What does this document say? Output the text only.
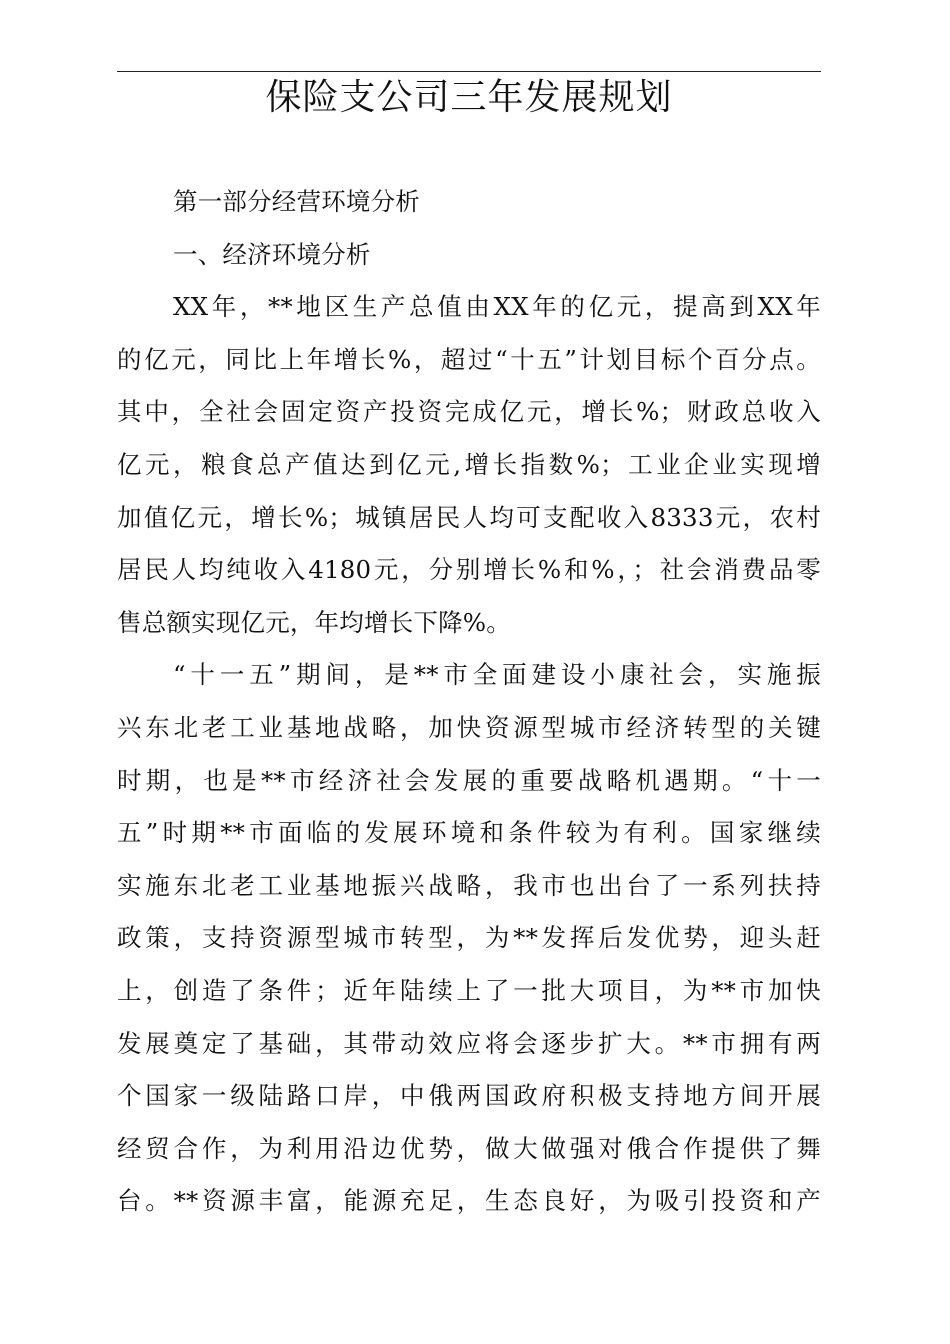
保险支公司三年发展规划
第一部分经营环境分析
一、经济环境分析
XX年，**地区生产总值由XX年的亿元，提高到XX年
的亿元，同比上年增长%，超过“十五”计划目标个百分点。
其中，全社会固定资产投资完成亿元，增长%；财政总收入
亿元，粮食总产值达到亿元,增长指数%；工业企业实现增
加值亿元，增长%；城镇居民人均可支配收入8333元，农村
居民人均纯收入4180元，分别增长%和%，；社会消费品零
售总额实现亿元，年均增长下降%。
“十一五”期间，是**市全面建设小康社会，实施振
兴东北老工业基地战略，加快资源型城市经济转型的关键
时期，也是**市经济社会发展的重要战略机遇期。“十一
五”时期**市面临的发展环境和条件较为有利。国家继续
实施东北老工业基地振兴战略，我市也出台了一系列扶持
政策，支持资源型城市转型，为**发挥后发优势，迎头赶
上，创造了条件；近年陆续上了一批大项目，为**市加快
发展奠定了基础，其带动效应将会逐步扩大。**市拥有两
个国家一级陆路口岸，中俄两国政府积极支持地方间开展
经贸合作，为利用沿边优势，做大做强对俄合作提供了舞
台。**资源丰富，能源充足，生态良好，为吸引投资和产
